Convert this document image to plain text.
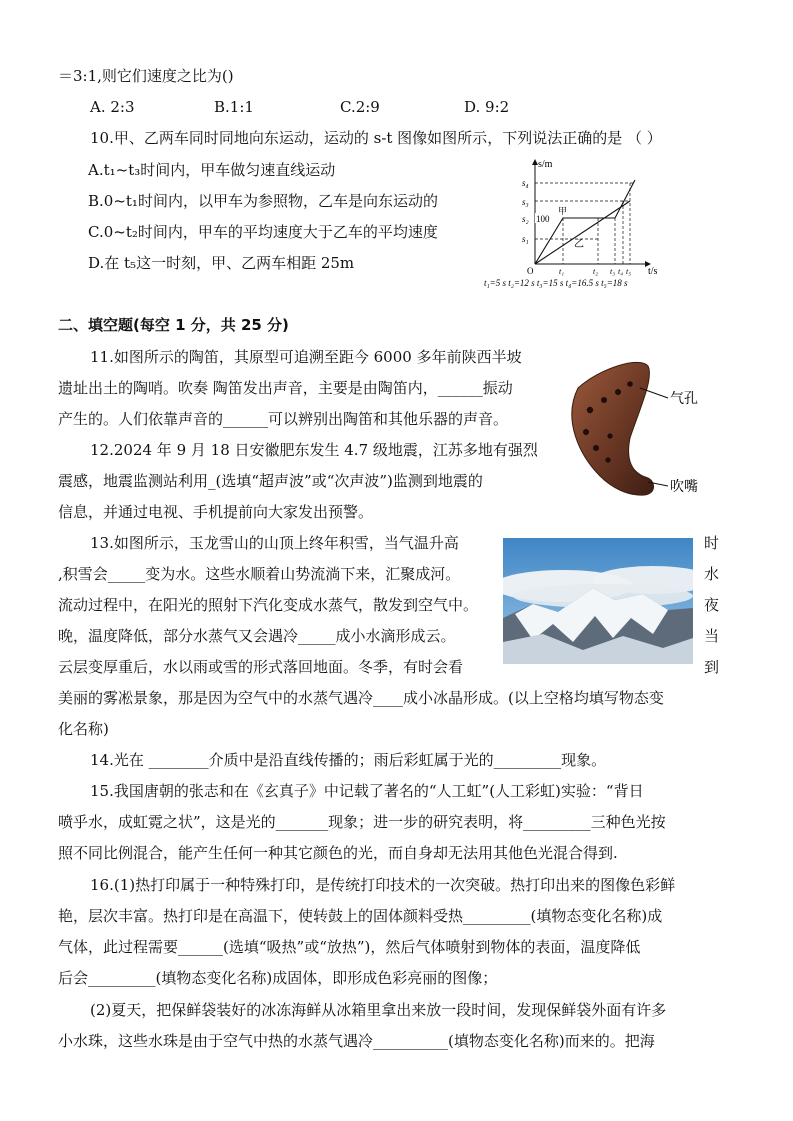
＝3:1,则它们速度之比为()
A. 2:3	B.1:1	C.2:9	D. 9:2
10.甲、乙两车同时同地向东运动，运动的 s-t 图像如图所示，下列说法正确的是 （ ）
A.t₁~t₃时间内，甲车做匀速直线运动
B.0~t₁时间内，以甲车为参照物，乙车是向东运动的
C.0~t₂时间内，甲车的平均速度大于乙车的平均速度
D.在 t₅这一时刻，甲、乙两车相距 25m
s/m
t/s
O
s₄
s₃
s₂
s₁
100
甲
乙
t₁	t₂ t₃ t₄ t₅
t₁=5 s t₂=12 s t₃=15 s t₄=16.5 s t₅=18 s
二、填空题(每空 1 分，共 25 分)
11.如图所示的陶笛，其原型可追溯至距今 6000 多年前陕西半坡
遗址出土的陶哨。吹奏 陶笛发出声音，主要是由陶笛内，______振动
产生的。人们依靠声音的______可以辨别出陶笛和其他乐器的声音。
气孔
吹嘴
12.2024 年 9 月 18 日安徽肥东发生 4.7 级地震，江苏多地有强烈
震感，地震监测站利用_(选填“超声波”或“次声波”)监测到地震的
信息，并通过电视、手机提前向大家发出预警。
13.如图所示，玉龙雪山的山顶上终年积雪，当气温升高	时
,积雪会_____变为水。这些水顺着山势流淌下来，汇聚成河。	水
流动过程中，在阳光的照射下汽化变成水蒸气，散发到空气中。	夜
晚，温度降低，部分水蒸气又会遇冷_____成小水滴形成云。	当
云层变厚重后，水以雨或雪的形式落回地面。冬季，有时会看	到
美丽的雾凇景象，那是因为空气中的水蒸气遇冷____成小冰晶形成。(以上空格均填写物态变
化名称)
14.光在 ________介质中是沿直线传播的；雨后彩虹属于光的_________现象。
15.我国唐朝的张志和在《玄真子》中记载了著名的“人工虹”(人工彩虹)实验：“背日
喷乎水，成虹霓之状”，这是光的_______现象；进一步的研究表明，将_________三种色光按
照不同比例混合，能产生任何一种其它颜色的光，而自身却无法用其他色光混合得到.
16.(1)热打印属于一种特殊打印，是传统打印技术的一次突破。热打印出来的图像色彩鲜
艳，层次丰富。热打印是在高温下，使转鼓上的固体颜料受热_________(填物态变化名称)成
气体，此过程需要______(选填“吸热”或“放热”)，然后气体喷射到物体的表面，温度降低
后会_________(填物态变化名称)成固体，即形成色彩亮丽的图像；
(2)夏天，把保鲜袋装好的冰冻海鲜从冰箱里拿出来放一段时间，发现保鲜袋外面有许多
小水珠，这些水珠是由于空气中热的水蒸气遇冷__________(填物态变化名称)而来的。把海
